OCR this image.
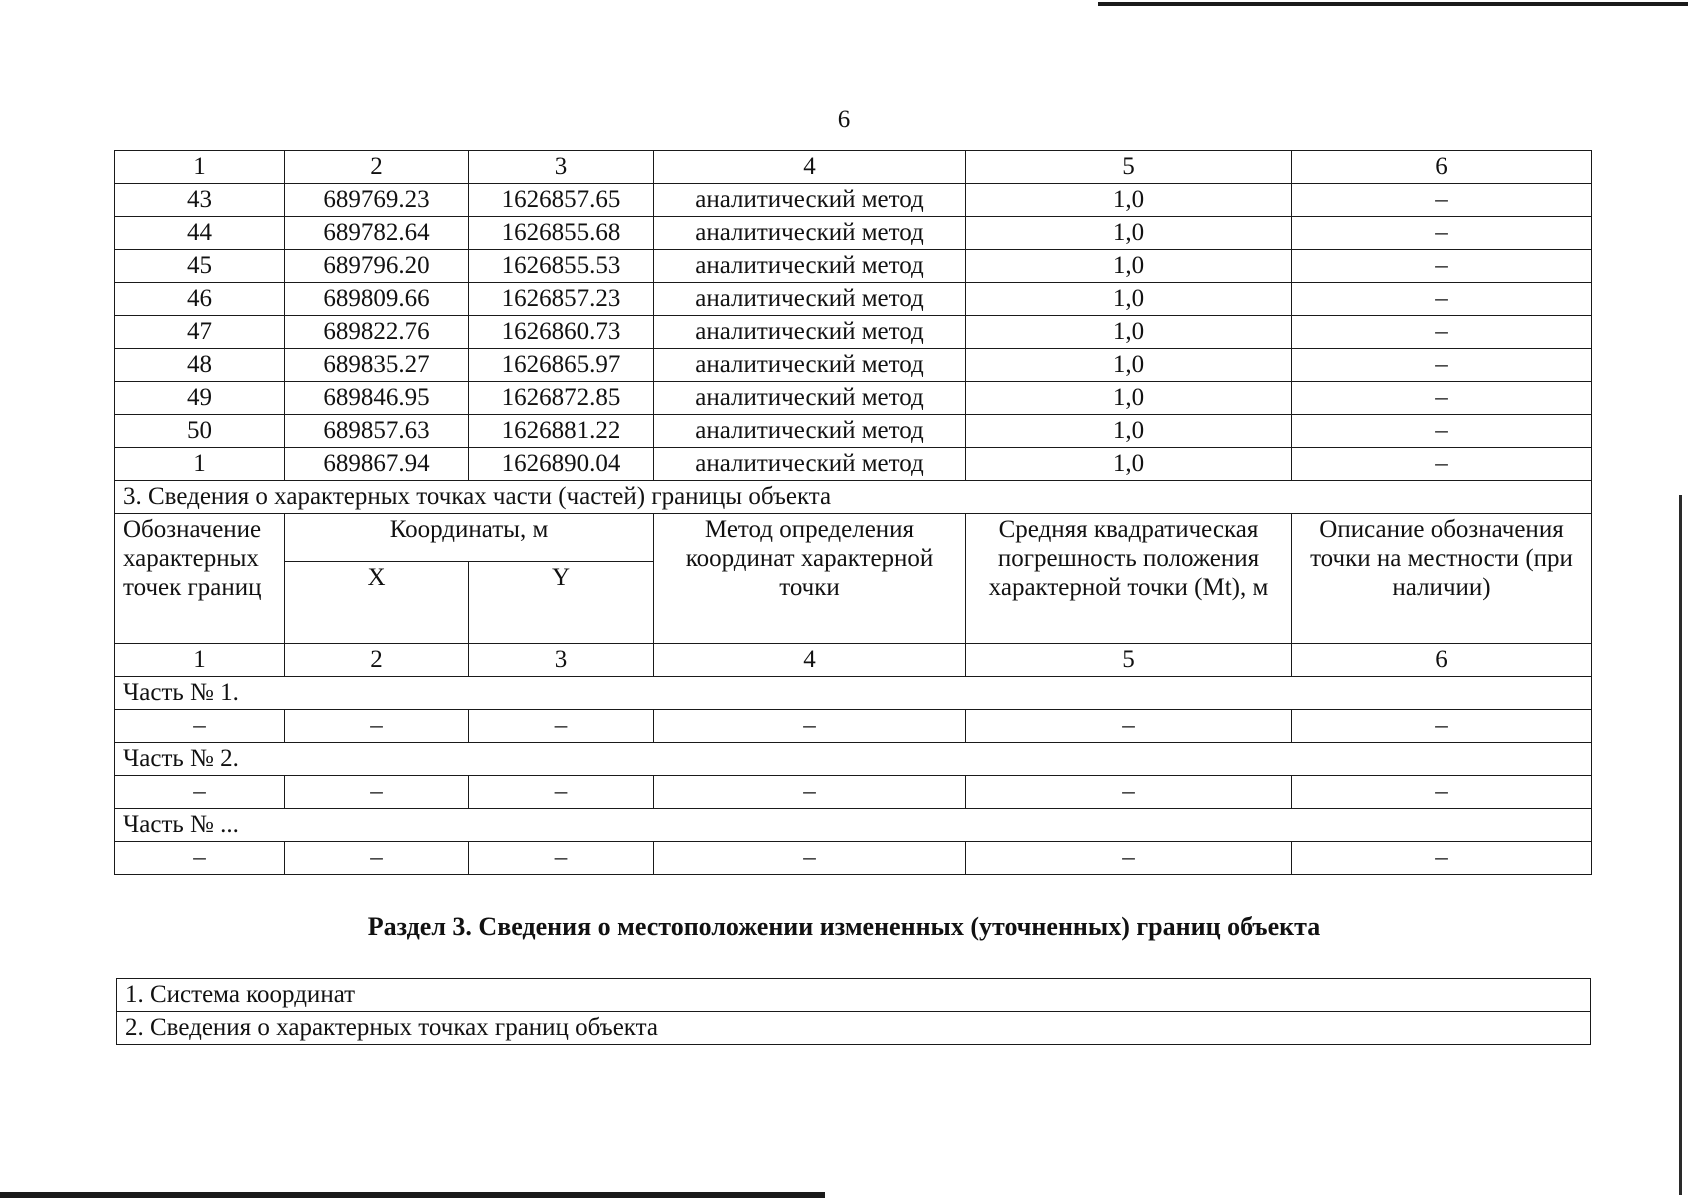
6
1	2	3	4	5	6
43	689769.23	1626857.65	аналитический метод	1,0	–
44	689782.64	1626855.68	аналитический метод	1,0	–
45	689796.20	1626855.53	аналитический метод	1,0	–
46	689809.66	1626857.23	аналитический метод	1,0	–
47	689822.76	1626860.73	аналитический метод	1,0	–
48	689835.27	1626865.97	аналитический метод	1,0	–
49	689846.95	1626872.85	аналитический метод	1,0	–
50	689857.63	1626881.22	аналитический метод	1,0	–
1	689867.94	1626890.04	аналитический метод	1,0	–
3. Сведения о характерных точках части (частей) границы объекта					
Обозначение характерных точек границ	Координаты, м		Метод определения координат характерной точки	Средняя квадратическая погрешность положения характерной точки (Mt), м	Описание обозначения точки на местности (при наличии)
	X	Y			
1	2	3	4	5	6
Часть № 1.					
–	–	–	–	–	–
Часть № 2.					
–	–	–	–	–	–
Часть № ...					
–	–	–	–	–	–
Раздел 3. Сведения о местоположении измененных (уточненных) границ объекта
1. Система координат
2. Сведения о характерных точках границ объекта
